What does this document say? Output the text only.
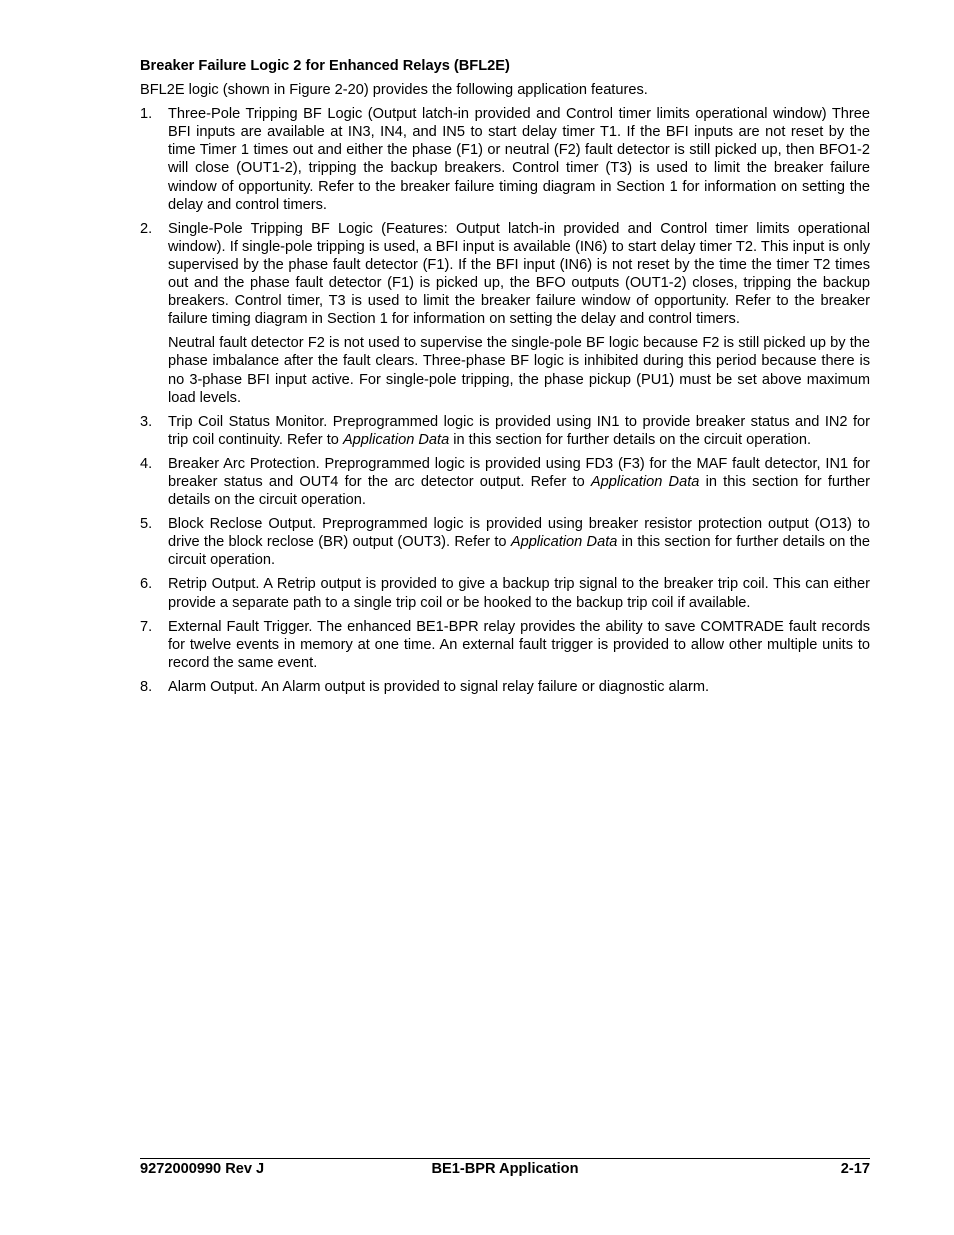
Breaker Failure Logic 2 for Enhanced Relays (BFL2E)
BFL2E logic (shown in Figure 2-20) provides the following application features.
1. Three-Pole Tripping BF Logic (Output latch-in provided and Control timer limits operational window) Three BFI inputs are available at IN3, IN4, and IN5 to start delay timer T1. If the BFI inputs are not reset by the time Timer 1 times out and either the phase (F1) or neutral (F2) fault detector is still picked up, then BFO1-2 will close (OUT1-2), tripping the backup breakers. Control timer (T3) is used to limit the breaker failure window of opportunity. Refer to the breaker failure timing diagram in Section 1 for information on setting the delay and control timers.

2. Single-Pole Tripping BF Logic (Features: Output latch-in provided and Control timer limits operational window). If single-pole tripping is used, a BFI input is available (IN6) to start delay timer T2. This input is only supervised by the phase fault detector (F1). If the BFI input (IN6) is not reset by the time the timer T2 times out and the phase fault detector (F1) is picked up, the BFO outputs (OUT1-2) closes, tripping the backup breakers. Control timer, T3 is used to limit the breaker failure window of opportunity. Refer to the breaker failure timing diagram in Section 1 for information on setting the delay and control timers.

Neutral fault detector F2 is not used to supervise the single-pole BF logic because F2 is still picked up by the phase imbalance after the fault clears. Three-phase BF logic is inhibited during this period because there is no 3-phase BFI input active. For single-pole tripping, the phase pickup (PU1) must be set above maximum load levels.

3. Trip Coil Status Monitor. Preprogrammed logic is provided using IN1 to provide breaker status and IN2 for trip coil continuity. Refer to Application Data in this section for further details on the circuit operation.

4. Breaker Arc Protection. Preprogrammed logic is provided using FD3 (F3) for the MAF fault detector, IN1 for breaker status and OUT4 for the arc detector output. Refer to Application Data in this section for further details on the circuit operation.

5. Block Reclose Output. Preprogrammed logic is provided using breaker resistor protection output (O13) to drive the block reclose (BR) output (OUT3). Refer to Application Data in this section for further details on the circuit operation.

6. Retrip Output. A Retrip output is provided to give a backup trip signal to the breaker trip coil. This can either provide a separate path to a single trip coil or be hooked to the backup trip coil if available.

7. External Fault Trigger. The enhanced BE1-BPR relay provides the ability to save COMTRADE fault records for twelve events in memory at one time. An external fault trigger is provided to allow other multiple units to record the same event.

8. Alarm Output. An Alarm output is provided to signal relay failure or diagnostic alarm.

9272000990 Rev J	BE1-BPR Application	2-17
